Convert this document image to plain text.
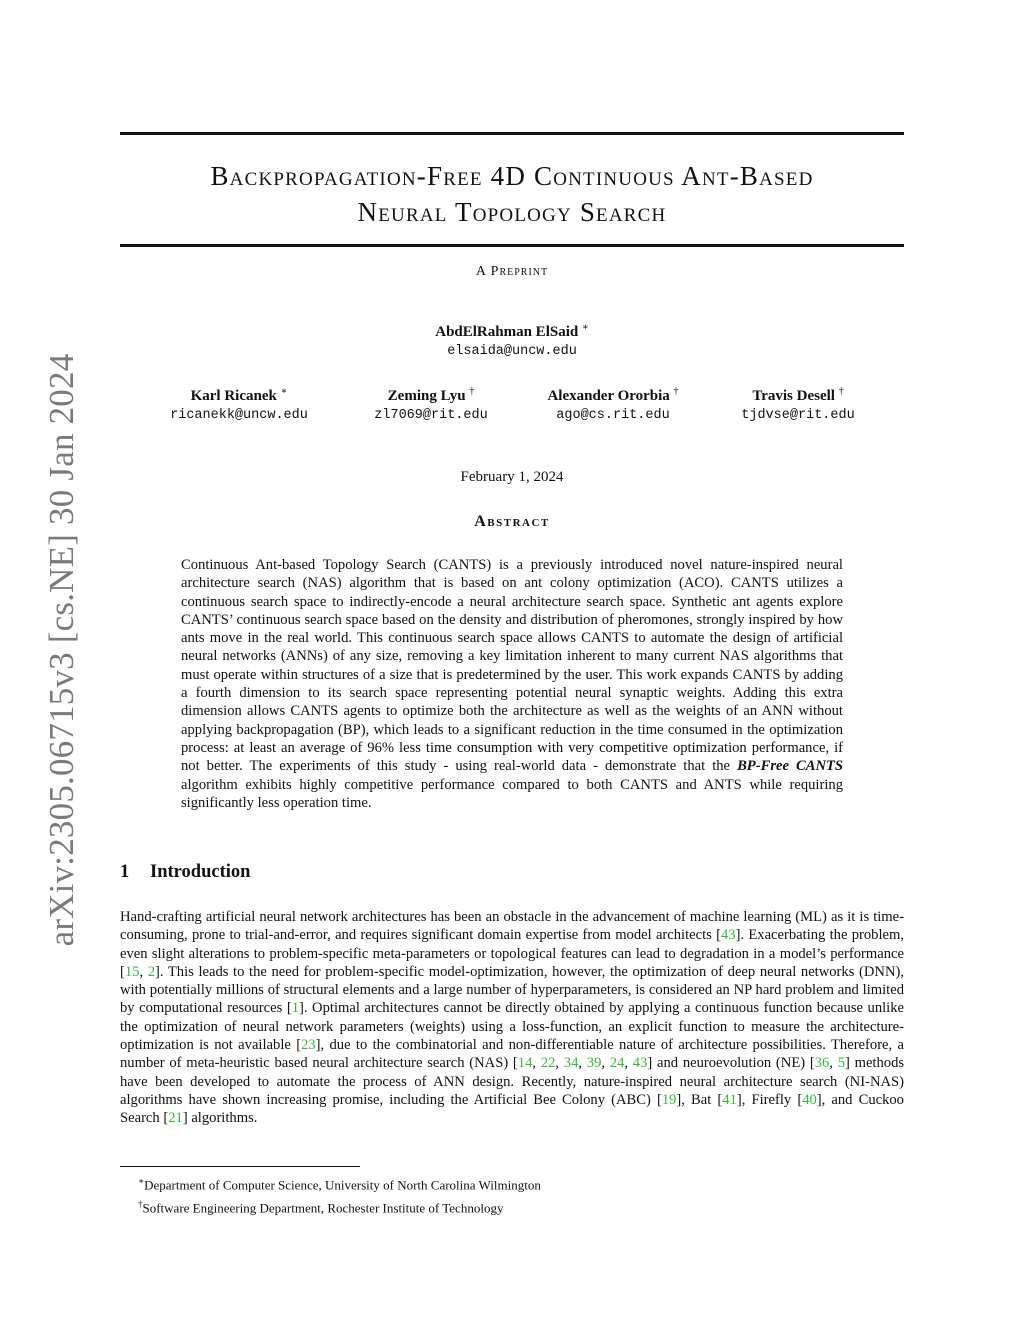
arXiv:2305.06715v3 [cs.NE] 30 Jan 2024
Backpropagation-Free 4D Continuous Ant-Based
Neural Topology Search
A Preprint
AbdElRahman ElSaid ∗
elsaida@uncw.edu
Karl Ricanek ∗
ricanekk@uncw.edu
Zeming Lyu †
zl7069@rit.edu
Alexander Ororbia †
ago@cs.rit.edu
Travis Desell †
tjdvse@rit.edu
February 1, 2024
Abstract
Continuous Ant-based Topology Search (CANTS) is a previously introduced novel nature-inspired neural architecture search (NAS) algorithm that is based on ant colony optimization (ACO). CANTS utilizes a continuous search space to indirectly-encode a neural architecture search space. Synthetic ant agents explore CANTS’ continuous search space based on the density and distribution of pheromones, strongly inspired by how ants move in the real world. This continuous search space allows CANTS to automate the design of artificial neural networks (ANNs) of any size, removing a key limitation inherent to many current NAS algorithms that must operate within structures of a size that is predetermined by the user. This work expands CANTS by adding a fourth dimension to its search space representing potential neural synaptic weights. Adding this extra dimension allows CANTS agents to optimize both the architecture as well as the weights of an ANN without applying backpropagation (BP), which leads to a significant reduction in the time consumed in the optimization process: at least an average of 96% less time consumption with very competitive optimization performance, if not better. The experiments of this study - using real-world data - demonstrate that the BP-Free CANTS algorithm exhibits highly competitive performance compared to both CANTS and ANTS while requiring significantly less operation time.
1 Introduction
Hand-crafting artificial neural network architectures has been an obstacle in the advancement of machine learning (ML) as it is time-consuming, prone to trial-and-error, and requires significant domain expertise from model architects [43]. Exacerbating the problem, even slight alterations to problem-specific meta-parameters or topological features can lead to degradation in a model’s performance [15, 2]. This leads to the need for problem-specific model-optimization, however, the optimization of deep neural networks (DNN), with potentially millions of structural elements and a large number of hyperparameters, is considered an NP hard problem and limited by computational resources [1]. Optimal architectures cannot be directly obtained by applying a continuous function because unlike the optimization of neural network parameters (weights) using a loss-function, an explicit function to measure the architecture-optimization is not available [23], due to the combinatorial and non-differentiable nature of architecture possibilities. Therefore, a number of meta-heuristic based neural architecture search (NAS) [14, 22, 34, 39, 24, 43] and neuroevolution (NE) [36, 5] methods have been developed to automate the process of ANN design. Recently, nature-inspired neural architecture search (NI-NAS) algorithms have shown increasing promise, including the Artificial Bee Colony (ABC) [19], Bat [41], Firefly [40], and Cuckoo Search [21] algorithms.
∗Department of Computer Science, University of North Carolina Wilmington
†Software Engineering Department, Rochester Institute of Technology
